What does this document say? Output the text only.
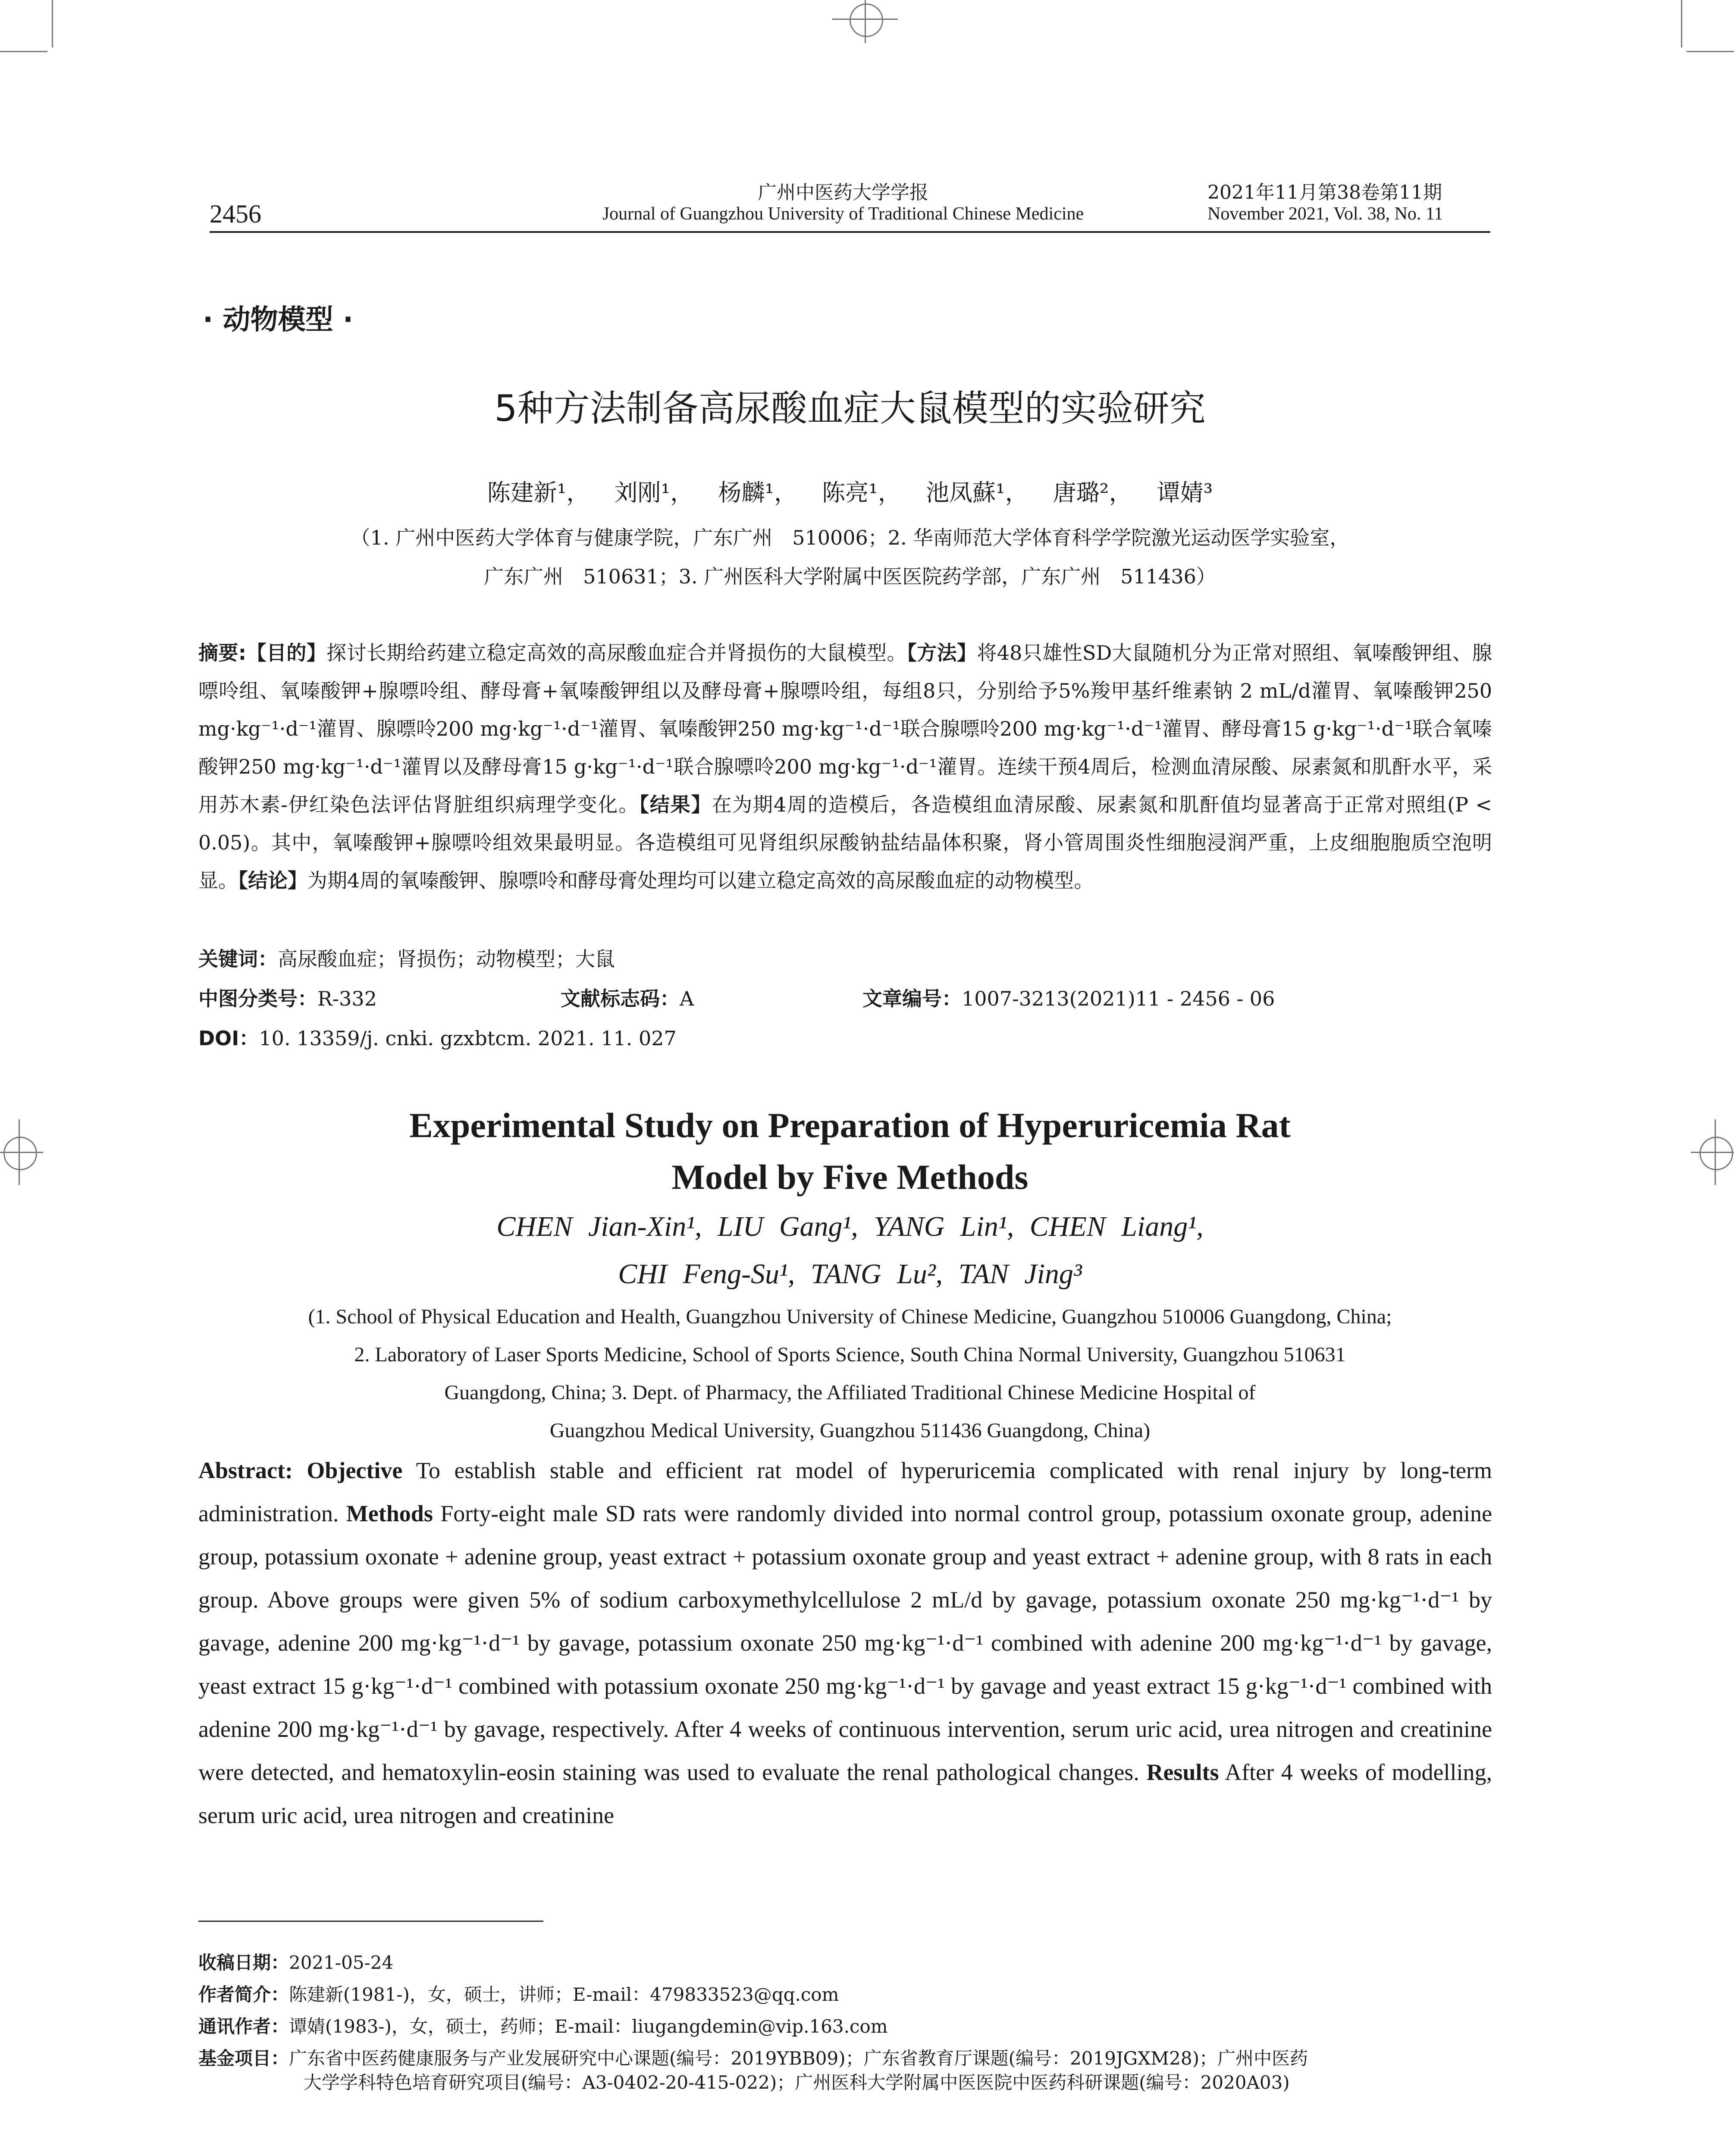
2456
广州中医药大学学报
Journal of Guangzhou University of Traditional Chinese Medicine
2021年11月第38卷第11期
November 2021, Vol. 38, No. 11
· 动物模型 ·
5种方法制备高尿酸血症大鼠模型的实验研究
陈建新¹， 刘刚¹， 杨麟¹， 陈亮¹， 池凤蘇¹， 唐璐²， 谭婧³
（1. 广州中医药大学体育与健康学院，广东广州　510006；2. 华南师范大学体育科学学院激光运动医学实验室，
广东广州　510631；3. 广州医科大学附属中医医院药学部，广东广州　511436）
摘要:【目的】探讨长期给药建立稳定高效的高尿酸血症合并肾损伤的大鼠模型。【方法】将48只雄性SD大鼠随机分为正常对照组、氧嗪酸钾组、腺嘌呤组、氧嗪酸钾+腺嘌呤组、酵母膏+氧嗪酸钾组以及酵母膏+腺嘌呤组，每组8只，分别给予5%羧甲基纤维素钠 2 mL/d灌胃、氧嗪酸钾250 mg·kg⁻¹·d⁻¹灌胃、腺嘌呤200 mg·kg⁻¹·d⁻¹灌胃、氧嗪酸钾250 mg·kg⁻¹·d⁻¹联合腺嘌呤200 mg·kg⁻¹·d⁻¹灌胃、酵母膏15 g·kg⁻¹·d⁻¹联合氧嗪酸钾250 mg·kg⁻¹·d⁻¹灌胃以及酵母膏15 g·kg⁻¹·d⁻¹联合腺嘌呤200 mg·kg⁻¹·d⁻¹灌胃。连续干预4周后，检测血清尿酸、尿素氮和肌酐水平，采用苏木素-伊红染色法评估肾脏组织病理学变化。【结果】在为期4周的造模后，各造模组血清尿酸、尿素氮和肌酐值均显著高于正常对照组(P < 0.05)。其中，氧嗪酸钾+腺嘌呤组效果最明显。各造模组可见肾组织尿酸钠盐结晶体积聚，肾小管周围炎性细胞浸润严重，上皮细胞胞质空泡明显。【结论】为期4周的氧嗪酸钾、腺嘌呤和酵母膏处理均可以建立稳定高效的高尿酸血症的动物模型。
关键词：高尿酸血症；肾损伤；动物模型；大鼠
中图分类号：R-332	文献标志码：A	文章编号：1007-3213(2021)11 - 2456 - 06
DOI：10. 13359/j. cnki. gzxbtcm. 2021. 11. 027
Experimental Study on Preparation of Hyperuricemia Rat
Model by Five Methods
CHEN Jian-Xin¹, LIU Gang¹, YANG Lin¹, CHEN Liang¹,
CHI Feng-Su¹, TANG Lu², TAN Jing³
(1. School of Physical Education and Health, Guangzhou University of Chinese Medicine, Guangzhou 510006 Guangdong, China;
2. Laboratory of Laser Sports Medicine, School of Sports Science, South China Normal University, Guangzhou 510631
Guangdong, China; 3. Dept. of Pharmacy, the Affiliated Traditional Chinese Medicine Hospital of
Guangzhou Medical University, Guangzhou 511436 Guangdong, China)
Abstract: Objective To establish stable and efficient rat model of hyperuricemia complicated with renal injury by long-term administration. Methods Forty-eight male SD rats were randomly divided into normal control group, potassium oxonate group, adenine group, potassium oxonate + adenine group, yeast extract + potassium oxonate group and yeast extract + adenine group, with 8 rats in each group. Above groups were given 5% of sodium carboxymethylcellulose 2 mL/d by gavage, potassium oxonate 250 mg·kg⁻¹·d⁻¹ by gavage, adenine 200 mg·kg⁻¹·d⁻¹ by gavage, potassium oxonate 250 mg·kg⁻¹·d⁻¹ combined with adenine 200 mg·kg⁻¹·d⁻¹ by gavage, yeast extract 15 g·kg⁻¹·d⁻¹ combined with potassium oxonate 250 mg·kg⁻¹·d⁻¹ by gavage and yeast extract 15 g·kg⁻¹·d⁻¹ combined with adenine 200 mg·kg⁻¹·d⁻¹ by gavage, respectively. After 4 weeks of continuous intervention, serum uric acid, urea nitrogen and creatinine were detected, and hematoxylin-eosin staining was used to evaluate the renal pathological changes. Results After 4 weeks of modelling, serum uric acid, urea nitrogen and creatinine
收稿日期：2021-05-24
作者简介：陈建新(1981-)，女，硕士，讲师；E-mail：479833523@qq.com
通讯作者：谭婧(1983-)，女，硕士，药师；E-mail：liugangdemin@vip.163.com
基金项目：广东省中医药健康服务与产业发展研究中心课题(编号：2019YBB09)；广东省教育厅课题(编号：2019JGXM28)；广州中医药
大学学科特色培育研究项目(编号：A3-0402-20-415-022)；广州医科大学附属中医医院中医药科研课题(编号：2020A03)
